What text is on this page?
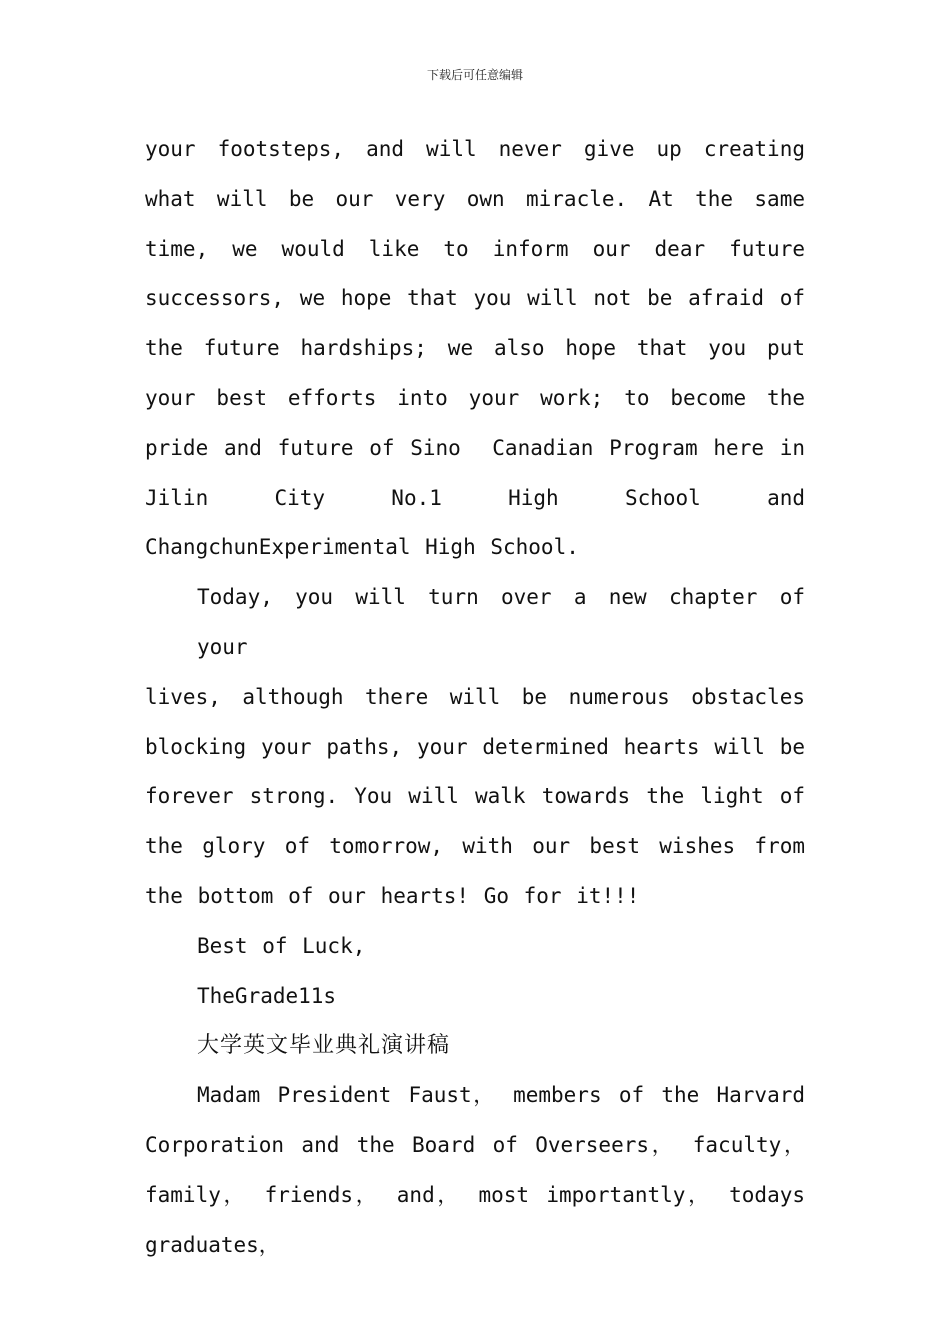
下载后可任意编辑
your footsteps, and will never give up creating
what will be our very own miracle. At the same
time, we would like to inform our dear future
successors, we hope that you will not be afraid of
the future hardships; we also hope that you put
your best efforts into your work; to become the
pride and future of Sino  Canadian Program here in
Jilin City No.1 High School and
ChangchunExperimental High School.
Today, you will turn over a new chapter of your
lives, although there will be numerous obstacles
blocking your paths, your determined hearts will be
forever strong. You will walk towards the light of
the glory of tomorrow, with our best wishes from
the bottom of our hearts! Go for it!!!
Best of Luck,
TheGrade11s
大学英文毕业典礼演讲稿
Madam President Faust， members of the Harvard
Corporation and the Board of Overseers， faculty，
family， friends， and， most importantly， todays
graduates，
